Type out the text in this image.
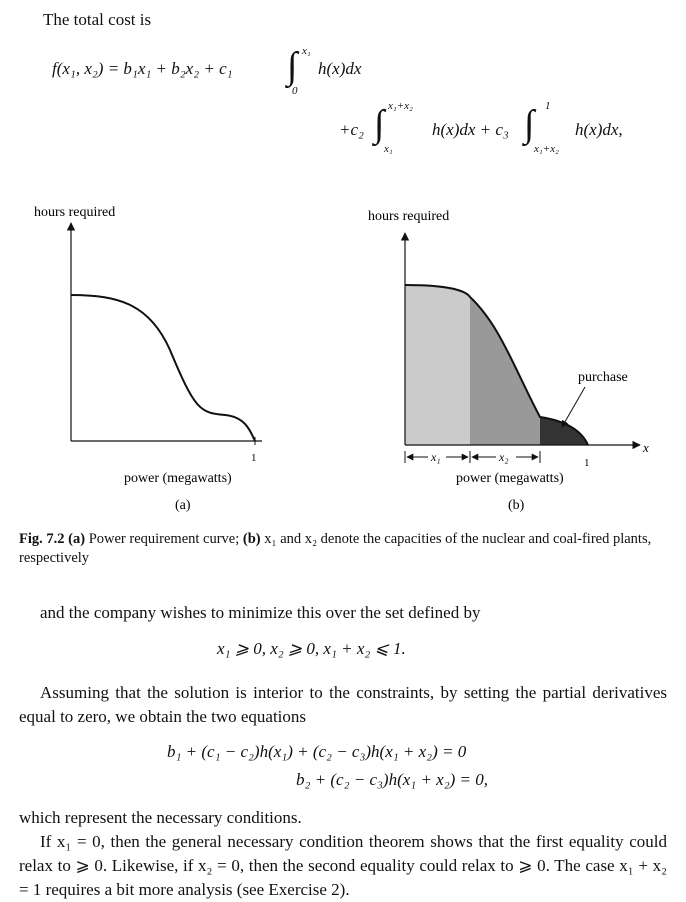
The total cost is
f(x₁, x₂) = b₁x₁ + b₂x₂ + c₁ ∫ x₁
0
h(x)dx
+c₂ ∫ x₁+x₂
x₁
h(x)dx + c₃ ∫ 1
x₁+x₂
h(x)dx,
hours required
1
power (megawatts)
(a)
hours required
x
x₁	x₂	1
purchase
power (megawatts)
(b)
Fig. 7.2 (a) Power requirement curve; (b) x₁ and x₂ denote the capacities of the nuclear and coal-fired plants, respectively
and the company wishes to minimize this over the set defined by
x₁ ⩾ 0, x₂ ⩾ 0, x₁ + x₂ ⩽ 1.
Assuming that the solution is interior to the constraints, by setting the partial derivatives equal to zero, we obtain the two equations
b₁ + (c₁ − c₂)h(x₁) + (c₂ − c₃)h(x₁ + x₂) = 0
b₂ + (c₂ − c₃)h(x₁ + x₂) = 0,
which represent the necessary conditions.
If x₁ = 0, then the general necessary condition theorem shows that the first equality could relax to ⩾ 0. Likewise, if x₂ = 0, then the second equality could relax to ⩾ 0. The case x₁ + x₂ = 1 requires a bit more analysis (see Exercise 2).
